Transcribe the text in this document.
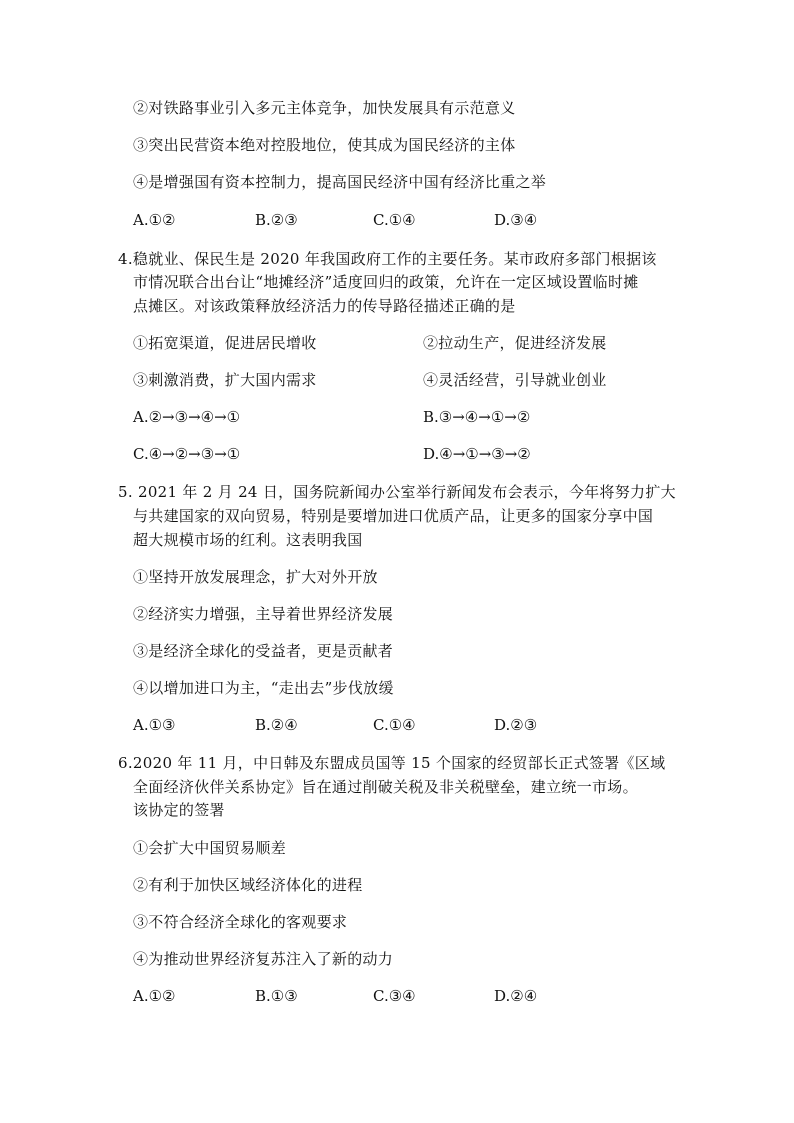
②对铁路事业引入多元主体竞争，加快发展具有示范意义
③突出民营资本绝对控股地位，使其成为国民经济的主体
④是增强国有资本控制力，提高国民经济中国有经济比重之举
A.①②	B.②③	C.①④	D.③④
4.稳就业、保民生是 2020 年我国政府工作的主要任务。某市政府多部门根据该
市情况联合出台让“地摊经济”适度回归的政策，允许在一定区域设置临时摊
点摊区。对该政策释放经济活力的传导路径描述正确的是
①拓宽渠道，促进居民增收	②拉动生产，促进经济发展
③刺激消费，扩大国内需求	④灵活经营，引导就业创业
A.②→③→④→①	B.③→④→①→②
C.④→②→③→①	D.④→①→③→②
5. 2021 年 2 月 24 日，国务院新闻办公室举行新闻发布会表示，今年将努力扩大
与共建国家的双向贸易，特别是要增加进口优质产品，让更多的国家分享中国
超大规模市场的红利。这表明我国
①坚持开放发展理念，扩大对外开放
②经济实力增强，主导着世界经济发展
③是经济全球化的受益者，更是贡献者
④以增加进口为主，“走出去”步伐放缓
A.①③	B.②④	C.①④	D.②③
6.2020 年 11 月，中日韩及东盟成员国等 15 个国家的经贸部长正式签署《区域
全面经济伙伴关系协定》旨在通过削破关税及非关税壁垒，建立统一市场。
该协定的签署
①会扩大中国贸易顺差
②有利于加快区域经济体化的进程
③不符合经济全球化的客观要求
④为推动世界经济复苏注入了新的动力
A.①②	B.①③	C.③④	D.②④
